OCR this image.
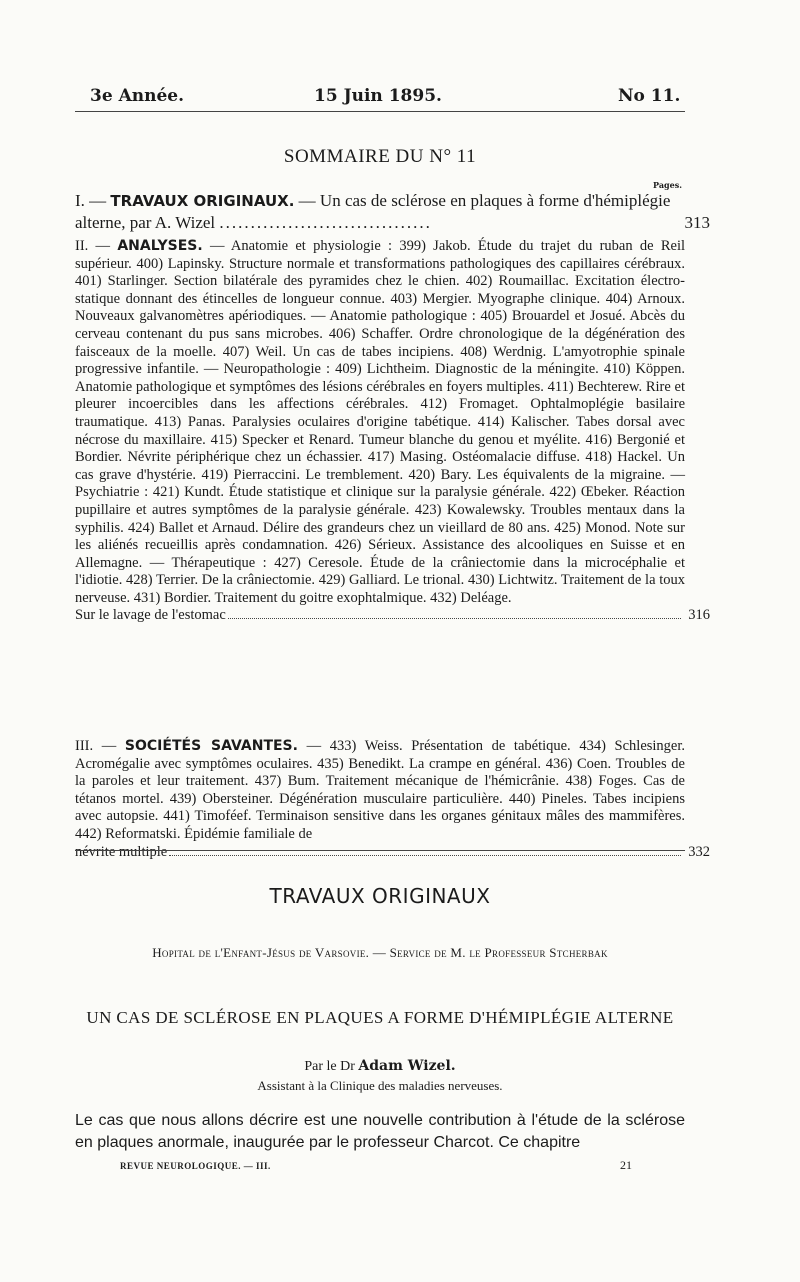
3e Année.	15 Juin 1895.	No 11.
SOMMAIRE DU N° 11
Pages.
I. — TRAVAUX ORIGINAUX. — Un cas de sclérose en plaques à forme d'hémiplégie alterne, par A. Wizel ..................................	313
II. — ANALYSES. — Anatomie et physiologie : 399) Jakob. Étude du trajet du ruban de Reil supérieur. 400) Lapinsky. Structure normale et transformations pathologiques des capillaires cérébraux. 401) Starlinger. Section bilatérale des pyramides chez le chien. 402) Roumaillac. Excitation électro-statique donnant des étincelles de longueur connue. 403) Mergier. Myographe clinique. 404) Arnoux. Nouveaux galvanomètres apériodiques. — Anatomie pathologique : 405) Brouardel et Josué. Abcès du cerveau contenant du pus sans microbes. 406) Schaffer. Ordre chronologique de la dégénération des faisceaux de la moelle. 407) Weil. Un cas de tabes incipiens. 408) Werdnig. L'amyotrophie spinale progressive infantile. — Neuropathologie : 409) Lichtheim. Diagnostic de la méningite. 410) Köppen. Anatomie pathologique et symptômes des lésions cérébrales en foyers multiples. 411) Bechterew. Rire et pleurer incoercibles dans les affections cérébrales. 412) Fromaget. Ophtalmoplégie basilaire traumatique. 413) Panas. Paralysies oculaires d'origine tabétique. 414) Kalischer. Tabes dorsal avec nécrose du maxillaire. 415) Specker et Renard. Tumeur blanche du genou et myélite. 416) Bergonié et Bordier. Névrite périphérique chez un échassier. 417) Masing. Ostéomalacie diffuse. 418) Hackel. Un cas grave d'hystérie. 419) Pierraccini. Le tremblement. 420) Bary. Les équivalents de la migraine. — Psychiatrie : 421) Kundt. Étude statistique et clinique sur la paralysie générale. 422) Œbeker. Réaction pupillaire et autres symptômes de la paralysie générale. 423) Kowalewsky. Troubles mentaux dans la syphilis. 424) Ballet et Arnaud. Délire des grandeurs chez un vieillard de 80 ans. 425) Monod. Note sur les aliénés recueillis après condamnation. 426) Sérieux. Assistance des alcooliques en Suisse et en Allemagne. — Thérapeutique : 427) Ceresole. Étude de la crâniectomie dans la microcéphalie et l'idiotie. 428) Terrier. De la crâniectomie. 429) Galliard. Le trional. 430) Lichtwitz. Traitement de la toux nerveuse. 431) Bordier. Traitement du goitre exophtalmique. 432) Deléage.
Sur le lavage de l'estomac	316
III. — SOCIÉTÉS SAVANTES. — 433) Weiss. Présentation de tabétique. 434) Schlesinger. Acromégalie avec symptômes oculaires. 435) Benedikt. La crampe en général. 436) Coen. Troubles de la paroles et leur traitement. 437) Bum. Traitement mécanique de l'hémicrânie. 438) Foges. Cas de tétanos mortel. 439) Obersteiner. Dégénération musculaire particulière. 440) Pineles. Tabes incipiens avec autopsie. 441) Timoféef. Terminaison sensitive dans les organes génitaux mâles des mammifères. 442) Reformatski. Épidémie familiale de
névrite multiple	332
TRAVAUX ORIGINAUX
Hopital de l'Enfant-Jésus de Varsovie. — Service de M. le Professeur Stcherbak
UN CAS DE SCLÉROSE EN PLAQUES A FORME D'HÉMIPLÉGIE ALTERNE
Par le Dr Adam Wizel.
Assistant à la Clinique des maladies nerveuses.
Le cas que nous allons décrire est une nouvelle contribution à l'étude de la sclérose en plaques anormale, inaugurée par le professeur Charcot. Ce chapitre
REVUE NEUROLOGIQUE. — III.	21
